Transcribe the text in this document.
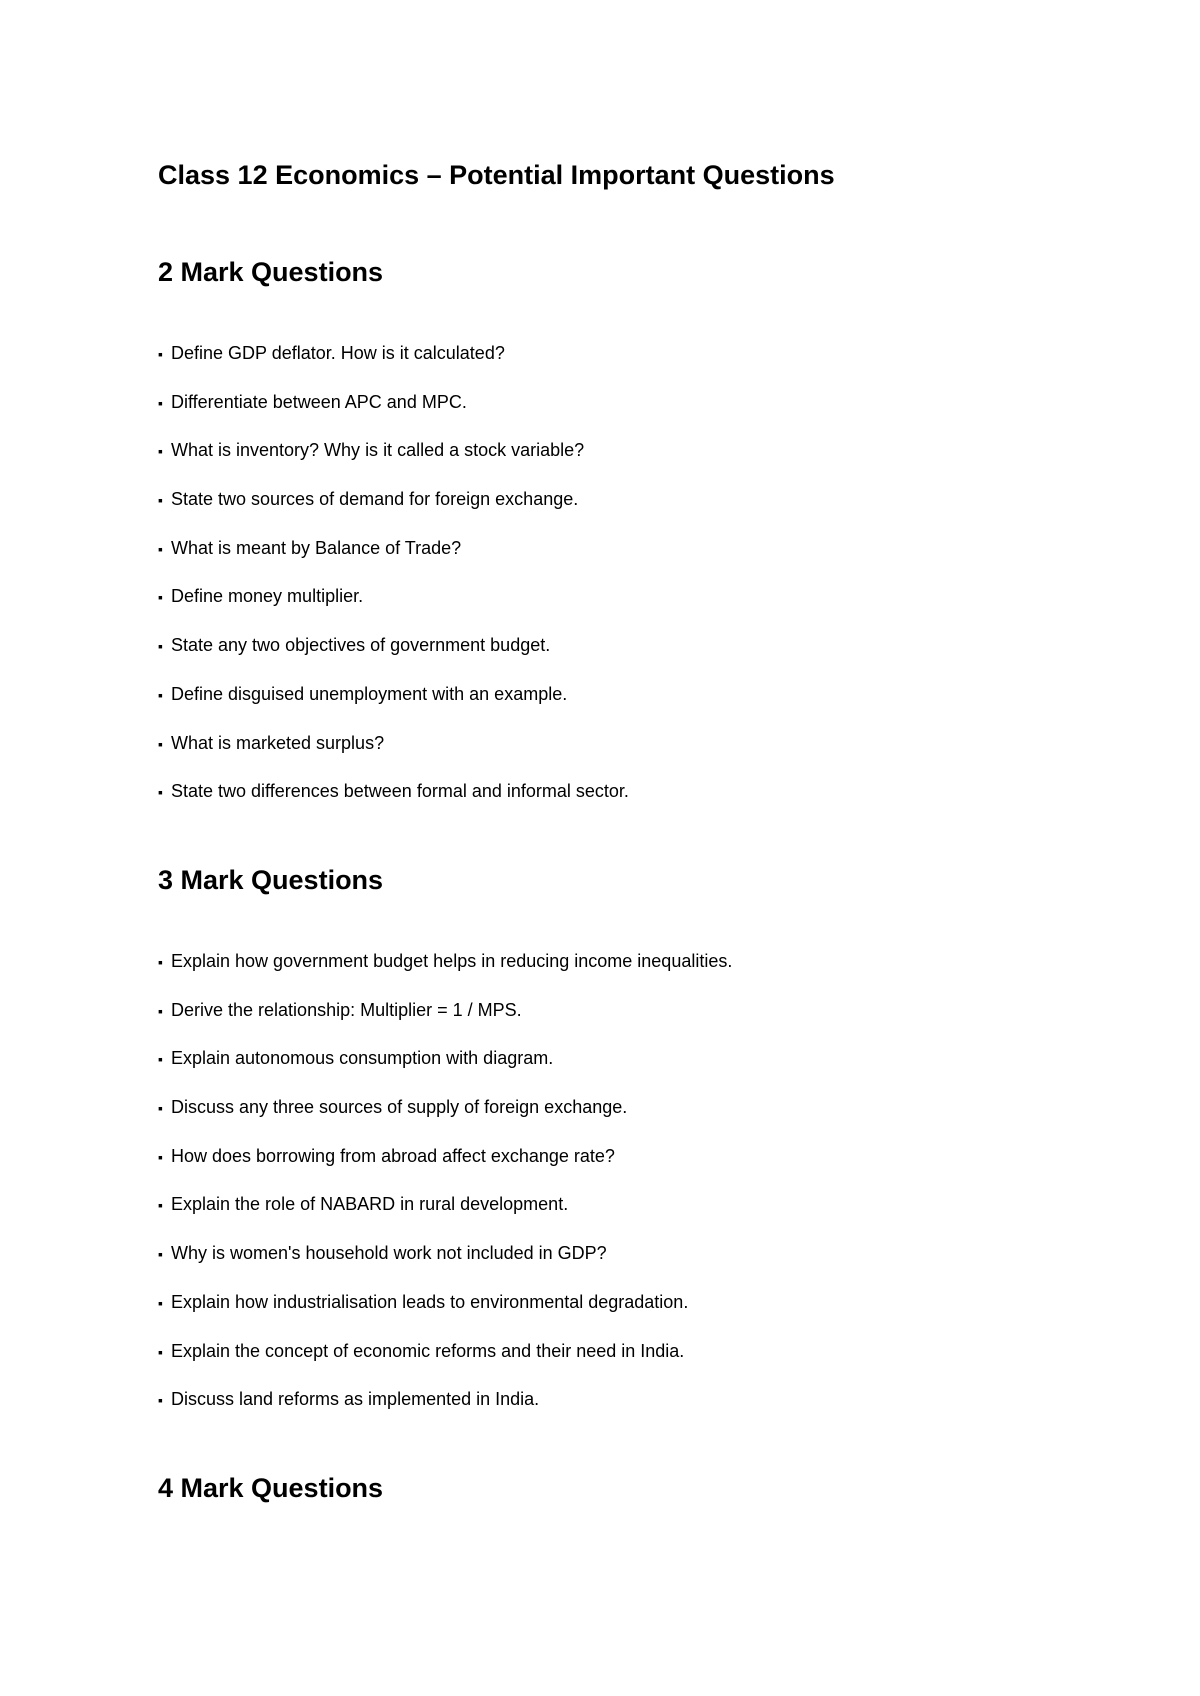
Class 12 Economics – Potential Important Questions
2 Mark Questions
▪ Define GDP deflator. How is it calculated?
▪ Differentiate between APC and MPC.
▪ What is inventory? Why is it called a stock variable?
▪ State two sources of demand for foreign exchange.
▪ What is meant by Balance of Trade?
▪ Define money multiplier.
▪ State any two objectives of government budget.
▪ Define disguised unemployment with an example.
▪ What is marketed surplus?
▪ State two differences between formal and informal sector.
3 Mark Questions
▪ Explain how government budget helps in reducing income inequalities.
▪ Derive the relationship: Multiplier = 1 / MPS.
▪ Explain autonomous consumption with diagram.
▪ Discuss any three sources of supply of foreign exchange.
▪ How does borrowing from abroad affect exchange rate?
▪ Explain the role of NABARD in rural development.
▪ Why is women's household work not included in GDP?
▪ Explain how industrialisation leads to environmental degradation.
▪ Explain the concept of economic reforms and their need in India.
▪ Discuss land reforms as implemented in India.
4 Mark Questions
